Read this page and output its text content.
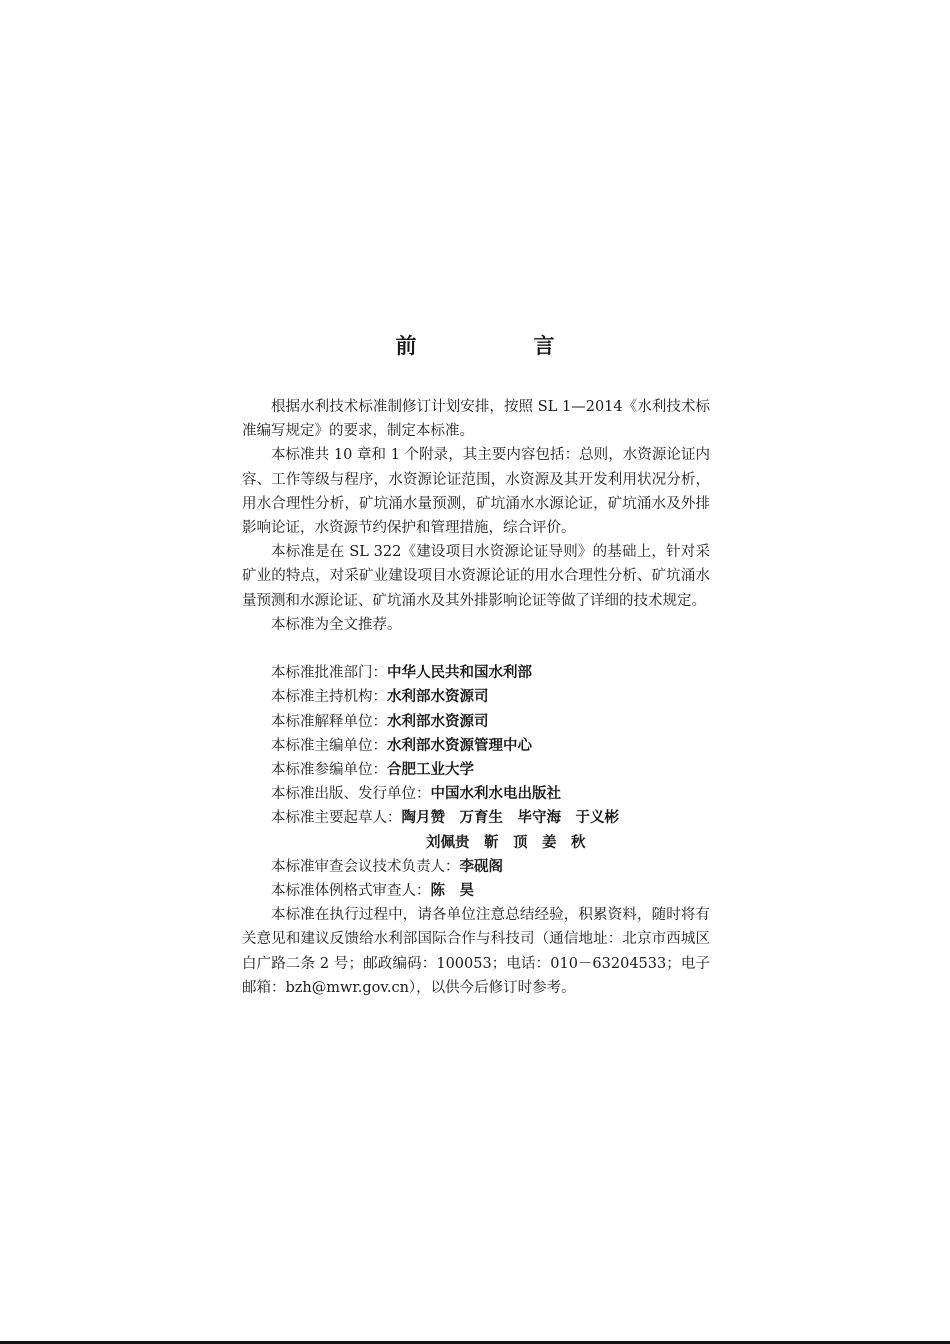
前　言

根据水利技术标准制修订计划安排，按照 SL 1—2014《水利技术标准编写规定》的要求，制定本标准。

本标准共 10 章和 1 个附录，其主要内容包括：总则，水资源论证内容、工作等级与程序，水资源论证范围，水资源及其开发利用状况分析，用水合理性分析，矿坑涌水量预测，矿坑涌水水源论证，矿坑涌水及外排影响论证，水资源节约保护和管理措施，综合评价。

本标准是在 SL 322《建设项目水资源论证导则》的基础上，针对采矿业的特点，对采矿业建设项目水资源论证的用水合理性分析、矿坑涌水量预测和水源论证、矿坑涌水及其外排影响论证等做了详细的技术规定。

本标准为全文推荐。

本标准批准部门：中华人民共和国水利部

本标准主持机构：水利部水资源司

本标准解释单位：水利部水资源司

本标准主编单位：水利部水资源管理中心

本标准参编单位：合肥工业大学

本标准出版、发行单位：中国水利水电出版社

本标准主要起草人：陶月赞　万育生　毕守海　于义彬

刘佩贵　靳　顶　姜　秋

本标准审查会议技术负责人：李砚阁

本标准体例格式审查人：陈　昊

本标准在执行过程中，请各单位注意总结经验，积累资料，随时将有关意见和建议反馈给水利部国际合作与科技司（通信地址：北京市西城区白广路二条 2 号；邮政编码：100053；电话：010－63204533；电子邮箱：bzh@mwr.gov.cn），以供今后修订时参考。
